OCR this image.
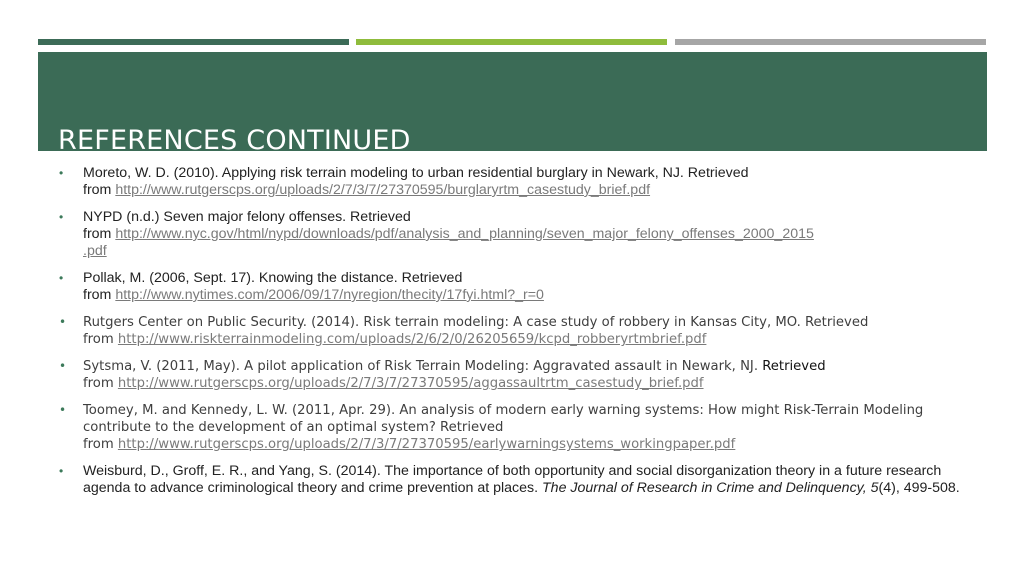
REFERENCES CONTINUED
• Moreto, W. D. (2010). Applying risk terrain modeling to urban residential burglary in Newark, NJ. Retrieved
from http://www.rutgerscps.org/uploads/2/7/3/7/27370595/burglaryrtm_casestudy_brief.pdf
• NYPD (n.d.) Seven major felony offenses. Retrieved
from http://www.nyc.gov/html/nypd/downloads/pdf/analysis_and_planning/seven_major_felony_offenses_2000_2015
.pdf
• Pollak, M. (2006, Sept. 17). Knowing the distance. Retrieved
from http://www.nytimes.com/2006/09/17/nyregion/thecity/17fyi.html?_r=0
• Rutgers Center on Public Security. (2014). Risk terrain modeling: A case study of robbery in Kansas City, MO. Retrieved
from http://www.riskterrainmodeling.com/uploads/2/6/2/0/26205659/kcpd_robberyrtmbrief.pdf
• Sytsma, V. (2011, May). A pilot application of Risk Terrain Modeling: Aggravated assault in Newark, NJ. Retrieved
from http://www.rutgerscps.org/uploads/2/7/3/7/27370595/aggassaultrtm_casestudy_brief.pdf
• Toomey, M. and Kennedy, L. W. (2011, Apr. 29). An analysis of modern early warning systems: How might Risk-Terrain Modeling contribute to the development of an optimal system? Retrieved
from http://www.rutgerscps.org/uploads/2/7/3/7/27370595/earlywarningsystems_workingpaper.pdf
• Weisburd, D., Groff, E. R., and Yang, S. (2014). The importance of both opportunity and social disorganization theory in a future research agenda to advance criminological theory and crime prevention at places. The Journal of Research in Crime and Delinquency, 5(4), 499-508.
